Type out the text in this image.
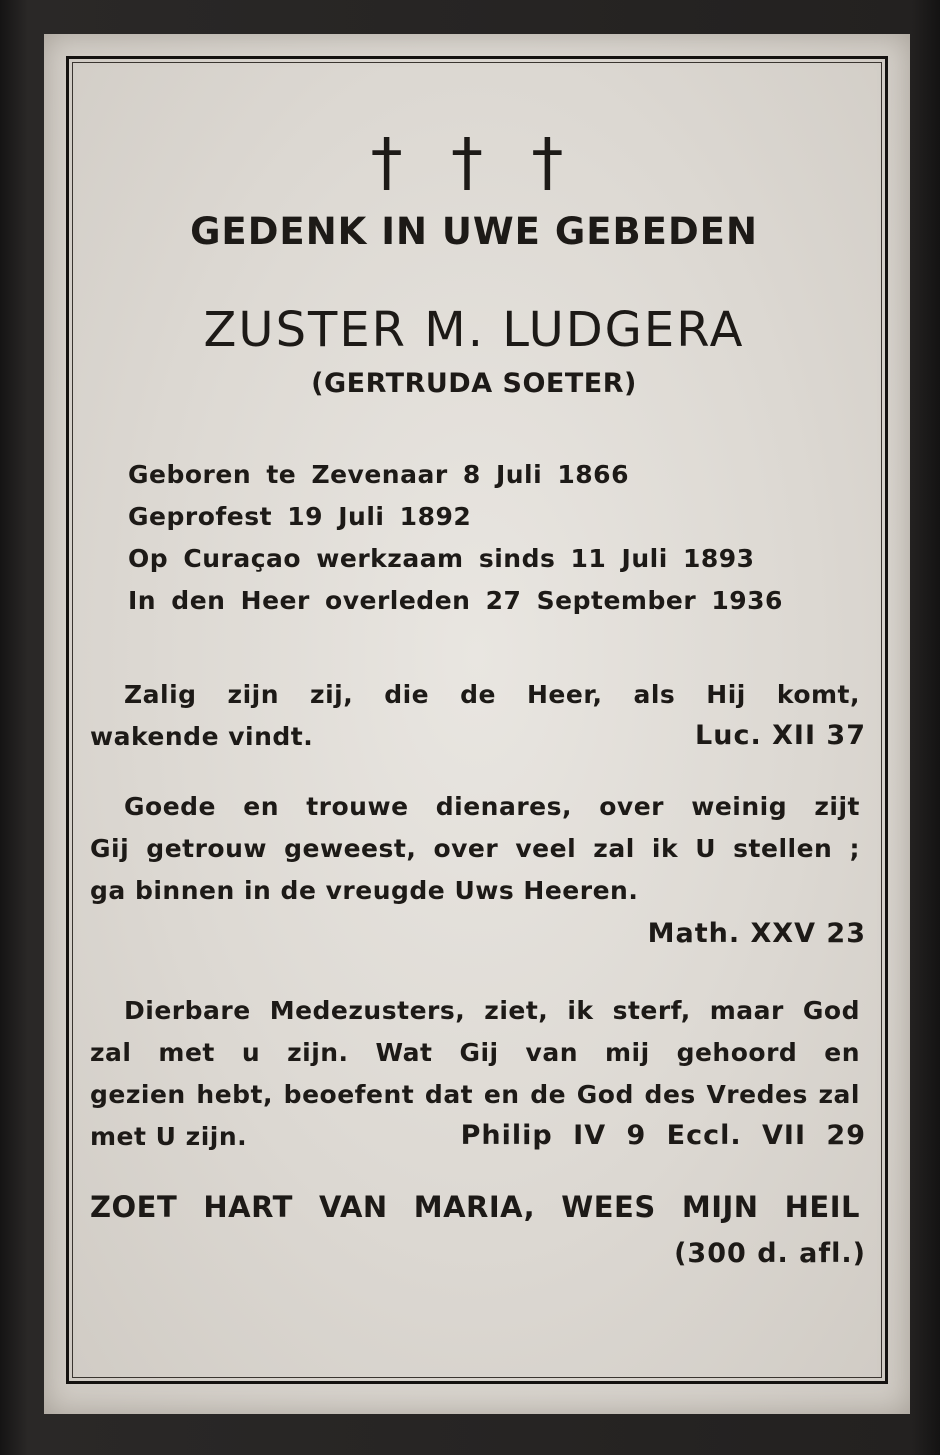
† † †
GEDENK IN UWE GEBEDEN
ZUSTER M. LUDGERA
(GERTRUDA SOETER)
Geboren te Zevenaar 8 Juli 1866
Geprofest 19 Juli 1892
Op Curaçao werkzaam sinds 11 Juli 1893
In den Heer overleden 27 September 1936
Zalig zijn zij, die de Heer, als Hij komt,
wakende vindt.	Luc. XII 37
Goede en trouwe dienares, over weinig zijt
Gij getrouw geweest, over veel zal ik U stellen ;
ga binnen in de vreugde Uws Heeren.
Math. XXV 23
Dierbare Medezusters, ziet, ik sterf, maar God
zal met u zijn. Wat Gij van mij gehoord en
gezien hebt, beoefent dat en de God des Vredes zal
met U zijn.	Philip IV 9 Eccl. VII 29
ZOET HART VAN MARIA, WEES MIJN HEIL
(300 d. afl.)
